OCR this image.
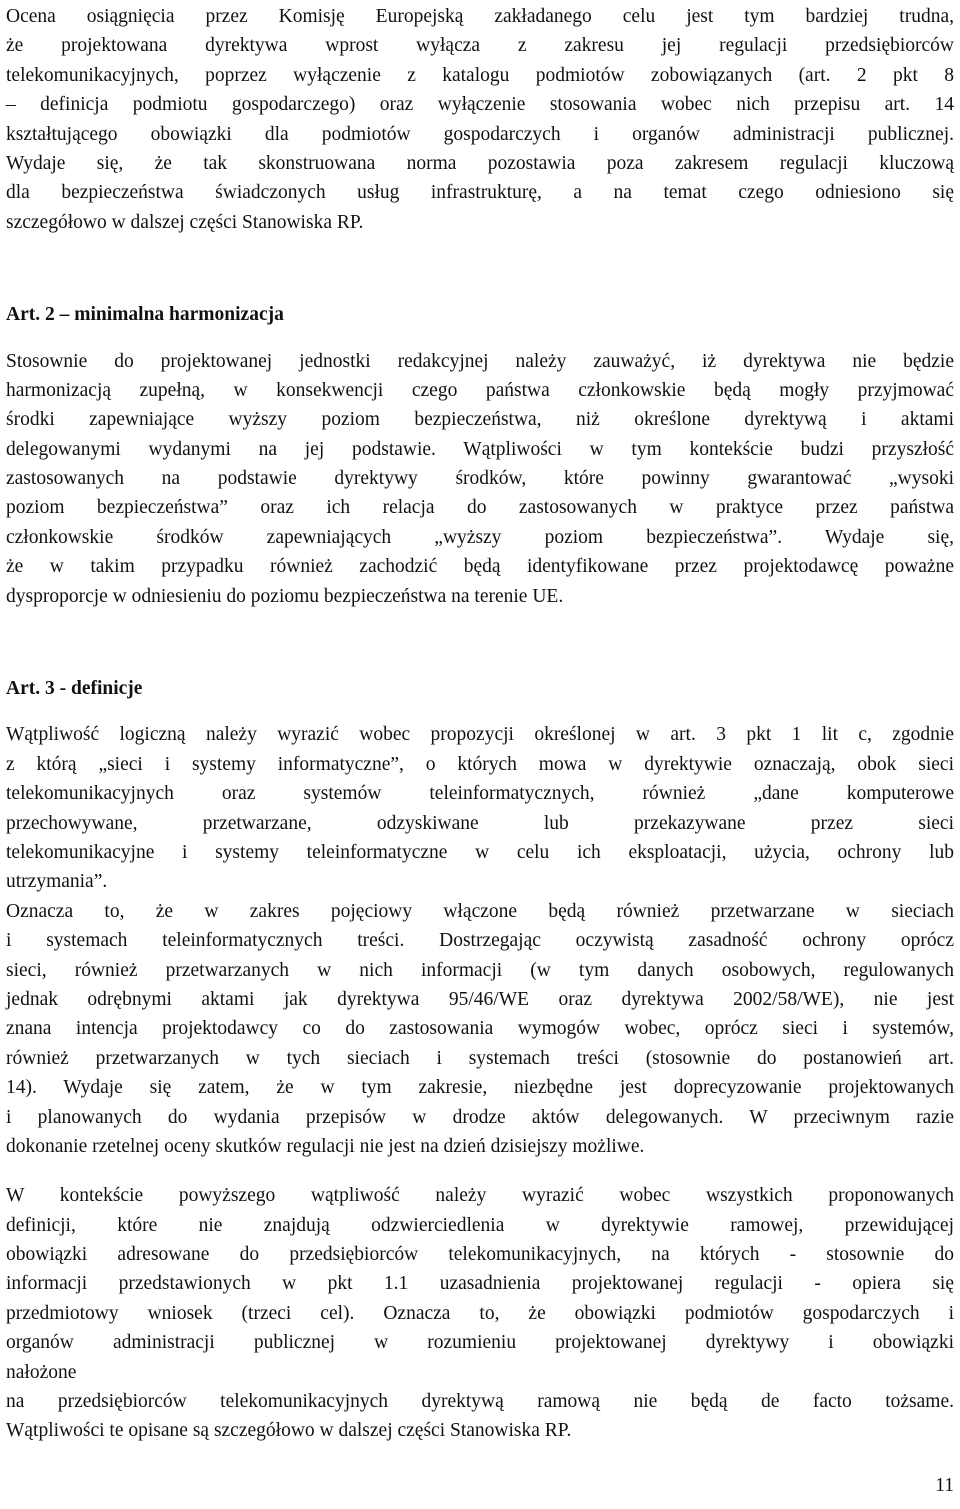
Ocena osiągnięcia przez Komisję Europejską zakładanego celu jest tym bardziej trudna,
że projektowana dyrektywa wprost wyłącza z zakresu jej regulacji przedsiębiorców
telekomunikacyjnych, poprzez wyłączenie z katalogu podmiotów zobowiązanych (art. 2 pkt 8
– definicja podmiotu gospodarczego) oraz wyłączenie stosowania wobec nich przepisu art. 14
kształtującego obowiązki dla podmiotów gospodarczych i organów administracji publicznej.
Wydaje się, że tak skonstruowana norma pozostawia poza zakresem regulacji kluczową
dla bezpieczeństwa świadczonych usług infrastrukturę, a na temat czego odniesiono się
szczegółowo w dalszej części Stanowiska RP.

Art. 2 – minimalna harmonizacja

Stosownie do projektowanej jednostki redakcyjnej należy zauważyć, iż dyrektywa nie będzie
harmonizacją zupełną, w konsekwencji czego państwa członkowskie będą mogły przyjmować
środki zapewniające wyższy poziom bezpieczeństwa, niż określone dyrektywą i aktami
delegowanymi wydanymi na jej podstawie. Wątpliwości w tym kontekście budzi przyszłość
zastosowanych na podstawie dyrektywy środków, które powinny gwarantować „wysoki
poziom bezpieczeństwa” oraz ich relacja do zastosowanych w praktyce przez państwa
członkowskie środków zapewniających „wyższy poziom bezpieczeństwa”. Wydaje się,
że w takim przypadku również zachodzić będą identyfikowane przez projektodawcę poważne
dysproporcje w odniesieniu do poziomu bezpieczeństwa na terenie UE.

Art. 3 - definicje

Wątpliwość logiczną należy wyrazić wobec propozycji określonej w art. 3 pkt 1 lit c, zgodnie
z którą „sieci i systemy informatyczne”, o których mowa w dyrektywie oznaczają, obok sieci
telekomunikacyjnych oraz systemów teleinformatycznych, również „dane komputerowe
przechowywane, przetwarzane, odzyskiwane lub przekazywane przez sieci
telekomunikacyjne i systemy teleinformatyczne w celu ich eksploatacji, użycia, ochrony lub
utrzymania”.

Oznacza to, że w zakres pojęciowy włączone będą również przetwarzane w sieciach
i systemach teleinformatycznych treści. Dostrzegając oczywistą zasadność ochrony oprócz
sieci, również przetwarzanych w nich informacji (w tym danych osobowych, regulowanych
jednak odrębnymi aktami jak dyrektywa 95/46/WE oraz dyrektywa 2002/58/WE), nie jest
znana intencja projektodawcy co do zastosowania wymogów wobec, oprócz sieci i systemów,
również przetwarzanych w tych sieciach i systemach treści (stosownie do postanowień art.
14). Wydaje się zatem, że w tym zakresie, niezbędne jest doprecyzowanie projektowanych
i planowanych do wydania przepisów w drodze aktów delegowanych. W przeciwnym razie
dokonanie rzetelnej oceny skutków regulacji nie jest na dzień dzisiejszy możliwe.

W kontekście powyższego wątpliwość należy wyrazić wobec wszystkich proponowanych
definicji, które nie znajdują odzwierciedlenia w dyrektywie ramowej, przewidującej
obowiązki adresowane do przedsiębiorców telekomunikacyjnych, na których - stosownie do
informacji przedstawionych w pkt 1.1 uzasadnienia projektowanej regulacji - opiera się
przedmiotowy wniosek (trzeci cel). Oznacza to, że obowiązki podmiotów gospodarczych i
organów administracji publicznej w rozumieniu projektowanej dyrektywy i obowiązki
nałożone
na przedsiębiorców telekomunikacyjnych dyrektywą ramową nie będą de facto tożsame.
Wątpliwości te opisane są szczegółowo w dalszej części Stanowiska RP.

11
